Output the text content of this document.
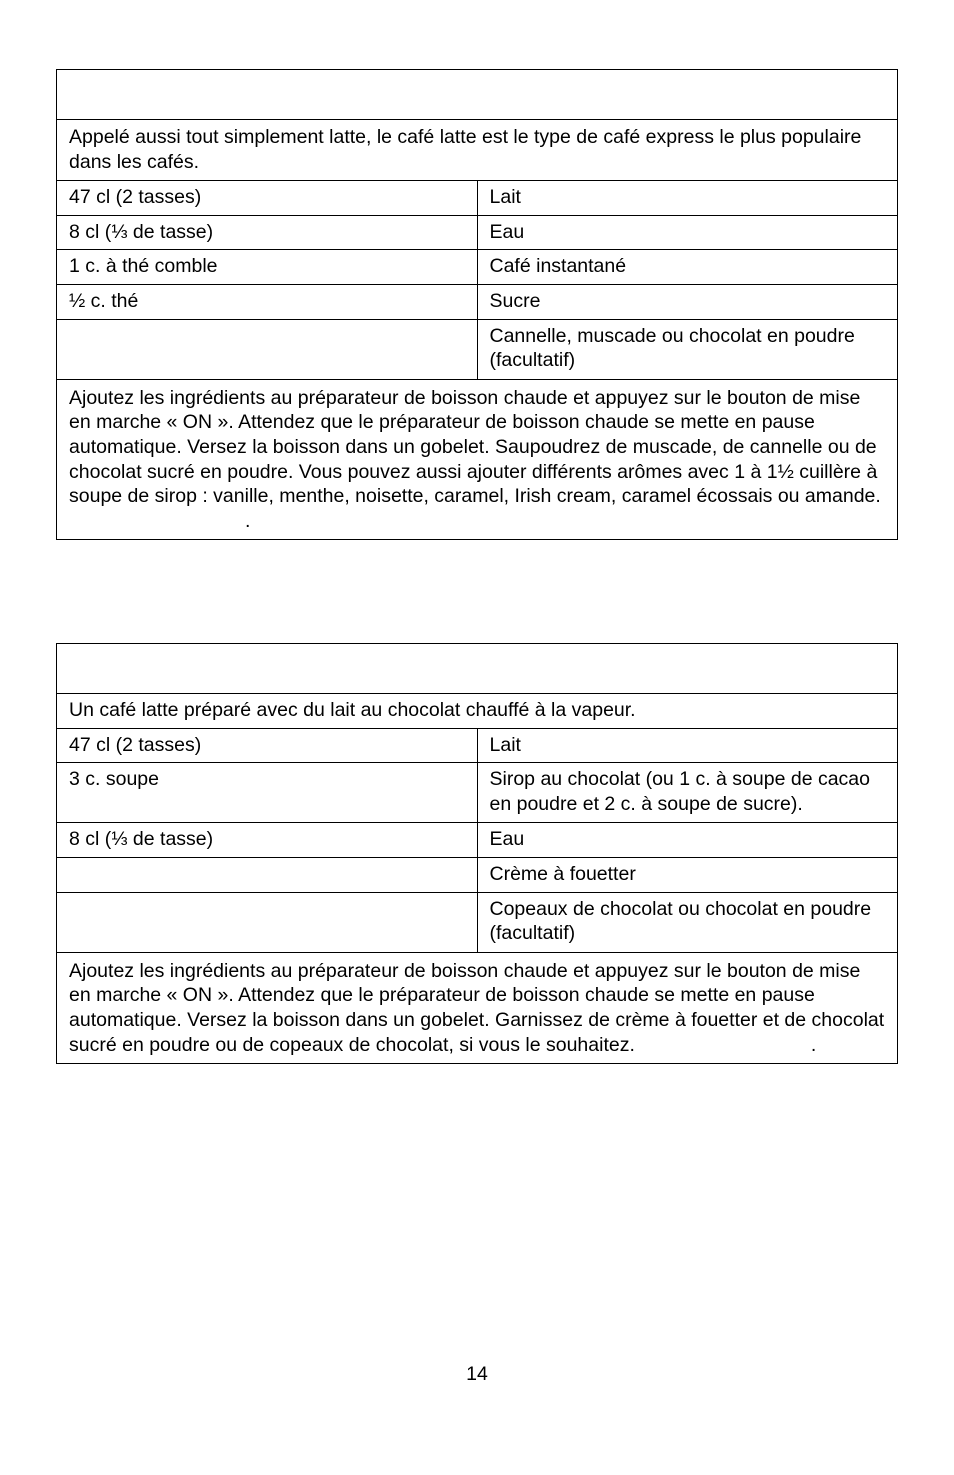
Appelé aussi tout simplement latte, le café latte est le type de café express le plus populaire dans les cafés.	
47 cl (2 tasses)	Lait
8 cl (⅓ de tasse)	Eau
1 c. à thé comble	Café instantané
½ c. thé	Sucre
	Cannelle, muscade ou chocolat en poudre (facultatif)
Ajoutez les ingrédients au préparateur de boisson chaude et appuyez sur le bouton de mise en marche « ON ». Attendez que le préparateur de boisson chaude se mette en pause automatique. Versez la boisson dans un gobelet. Saupoudrez de muscade, de cannelle ou de chocolat sucré en poudre. Vous pouvez aussi ajouter différents arômes avec 1 à 1½ cuillère à soupe de sirop : vanille, menthe, noisette, caramel, Irish cream, caramel écossais ou amande..	

Un café latte préparé avec du lait au chocolat chauffé à la vapeur.	
47 cl (2 tasses)	Lait
3 c. soupe	Sirop au chocolat (ou 1 c. à soupe de cacao en poudre et 2 c. à soupe de sucre).
8 cl (⅓ de tasse)	Eau
	Crème à fouetter
	Copeaux de chocolat ou chocolat en poudre (facultatif)
Ajoutez les ingrédients au préparateur de boisson chaude et appuyez sur le bouton de mise en marche « ON ». Attendez que le préparateur de boisson chaude se mette en pause automatique. Versez la boisson dans un gobelet. Garnissez de crème à fouetter et de chocolat sucré en poudre ou de copeaux de chocolat, si vous le souhaitez. .	
14
